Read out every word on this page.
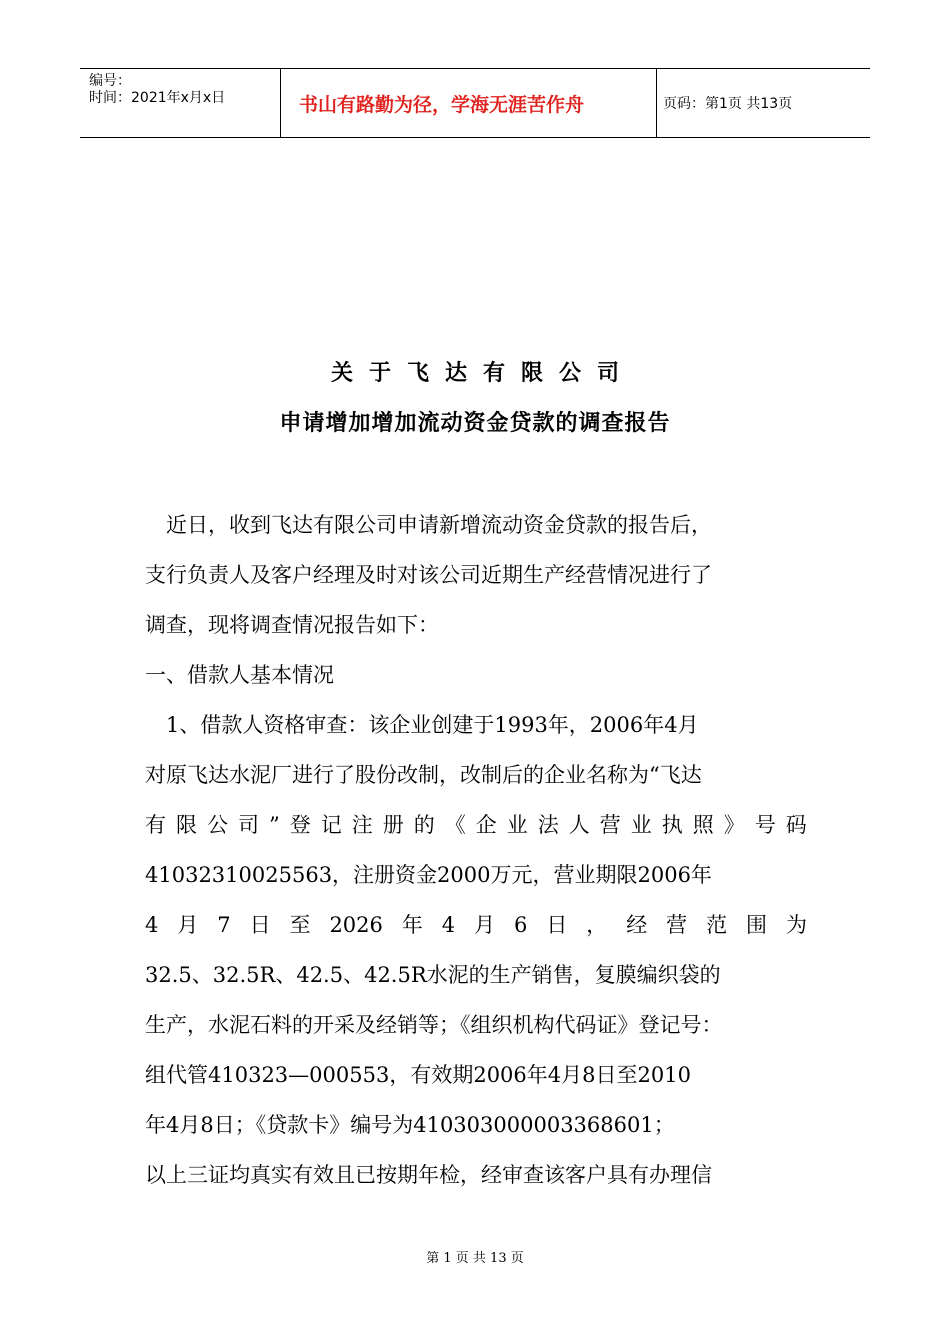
编号：
时间：2021年x月x日	书山有路勤为径，学海无涯苦作舟	页码：第1页 共13页
关于飞达有限公司
申请增加增加流动资金贷款的调查报告
　近日，收到飞达有限公司申请新增流动资金贷款的报告后，
支行负责人及客户经理及时对该公司近期生产经营情况进行了
调查，现将调查情况报告如下：
一、借款人基本情况
　1、借款人资格审查：该企业创建于1993年，2006年4月
对原飞达水泥厂进行了股份改制，改制后的企业名称为“飞达
有 限 公 司 ” 登 记 注 册 的 《 企 业 法 人 营 业 执 照 》 号 码
41032310025563，注册资金2000万元，营业期限2006年
4 月 7 日 至 2026 年 4 月 6 日 ， 经 营 范 围 为
32.5、32.5R、42.5、42.5R水泥的生产销售，复膜编织袋的
生产，水泥石料的开采及经销等；《组织机构代码证》登记号：
组代管410323—000553，有效期2006年4月8日至2010
年4月8日；《贷款卡》编号为410303000003368601；
以上三证均真实有效且已按期年检，经审查该客户具有办理信
第 1 页 共 13 页
